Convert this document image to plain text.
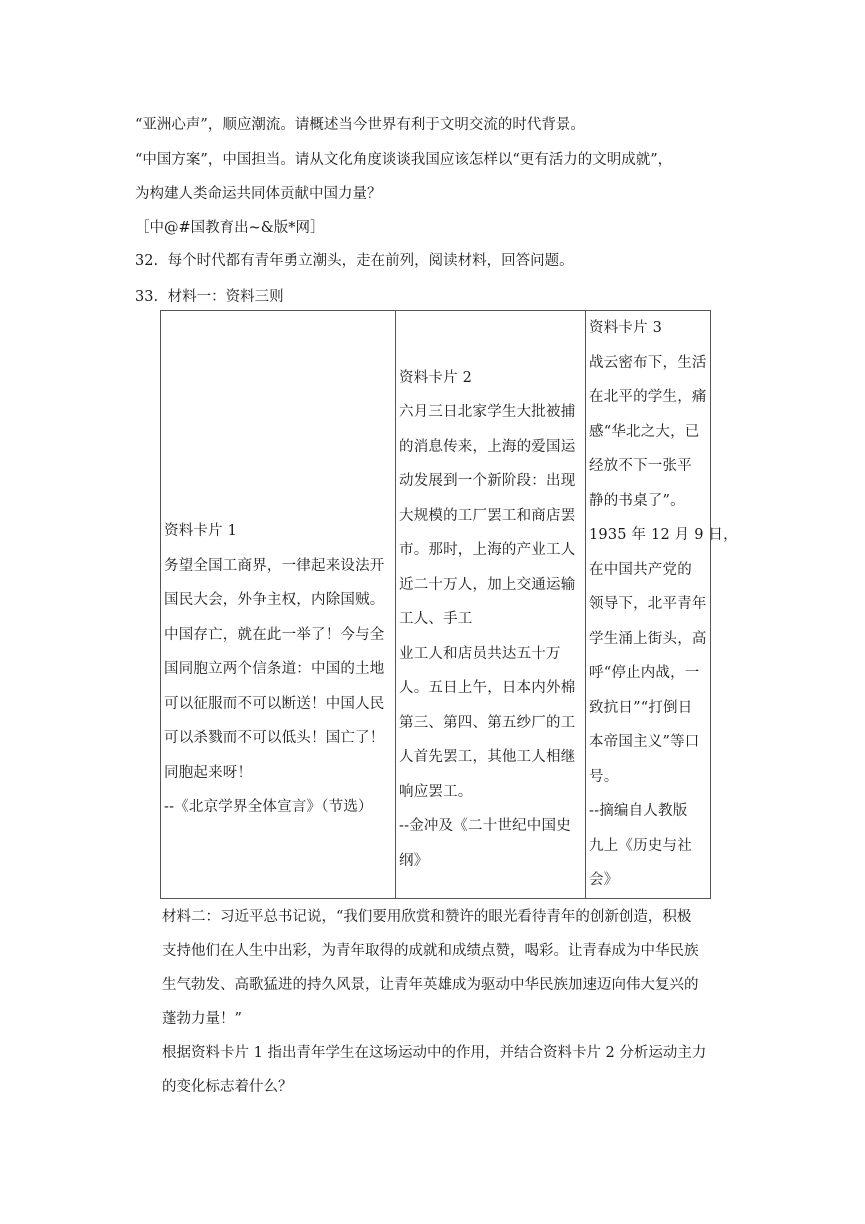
“亚洲心声”，顺应潮流。请概述当今世界有利于文明交流的时代背景。
“中国方案”，中国担当。请从文化角度谈谈我国应该怎样以“更有活力的文明成就”，
为构建人类命运共同体贡献中国力量？
［中@#国教育出~&版*网］
32. 每个时代都有青年勇立潮头，走在前列，阅读材料，回答问题。
33. 材料一：资料三则
资料卡片 1
务望全国工商界，一律起来设法开
国民大会，外争主权，内除国贼。
中国存亡，就在此一举了！今与全
国同胞立两个信条道：中国的土地
可以征服而不可以断送！中国人民
可以杀戮而不可以低头！国亡了！
同胞起来呀！
--《北京学界全体宣言》（节选）

资料卡片 2
六月三日北家学生大批被捕
的消息传来，上海的爱国运
动发展到一个新阶段：出现
大规模的工厂罢工和商店罢
市。那时，上海的产业工人
近二十万人，加上交通运输
工人、手工
业工人和店员共达五十万
人。五日上午，日本内外棉
第三、第四、第五纱厂的工
人首先罢工，其他工人相继
响应罢工。
--金冲及《二十世纪中国史
纲》

资料卡片 3
战云密布下，生活
在北平的学生，痛
感“华北之大，已
经放不下一张平
静的书桌了”。
1935 年 12 月 9 日，
在中国共产党的
领导下，北平青年
学生涌上街头，高
呼“停止内战，一
致抗日”“打倒日
本帝国主义”等口
号。
--摘编自人教版
九上《历史与社
会》
材料二：习近平总书记说，“我们要用欣赏和赞许的眼光看待青年的创新创造，积极
支持他们在人生中出彩，为青年取得的成就和成绩点赞，喝彩。让青春成为中华民族
生气勃发、高歌猛进的持久风景，让青年英雄成为驱动中华民族加速迈向伟大复兴的
蓬勃力量！”
根据资料卡片 1 指出青年学生在这场运动中的作用，并结合资料卡片 2 分析运动主力
的变化标志着什么？
